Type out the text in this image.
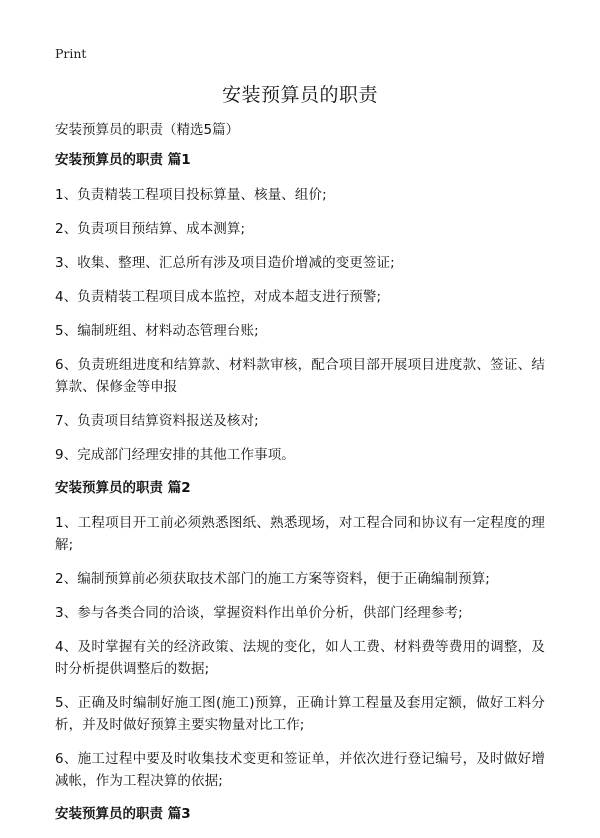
Print
安装预算员的职责
安装预算员的职责（精选5篇）
安装预算员的职责 篇1
1、负责精装工程项目投标算量、核量、组价;
2、负责项目预结算、成本测算;
3、收集、整理、汇总所有涉及项目造价增减的变更签证;
4、负责精装工程项目成本监控，对成本超支进行预警;
5、编制班组、材料动态管理台账;
6、负责班组进度和结算款、材料款审核，配合项目部开展项目进度款、签证、结算款、保修金等申报
7、负责项目结算资料报送及核对;
9、完成部门经理安排的其他工作事项。
安装预算员的职责 篇2
1、工程项目开工前必须熟悉图纸、熟悉现场，对工程合同和协议有一定程度的理解;
2、编制预算前必须获取技术部门的施工方案等资料，便于正确编制预算;
3、参与各类合同的洽谈，掌握资料作出单价分析，供部门经理参考;
4、及时掌握有关的经济政策、法规的变化，如人工费、材料费等费用的调整，及时分析提供调整后的数据;
5、正确及时编制好施工图(施工)预算，正确计算工程量及套用定额，做好工料分析，并及时做好预算主要实物量对比工作;
6、施工过程中要及时收集技术变更和签证单，并依次进行登记编号，及时做好增减帐，作为工程决算的依据;
安装预算员的职责 篇3
